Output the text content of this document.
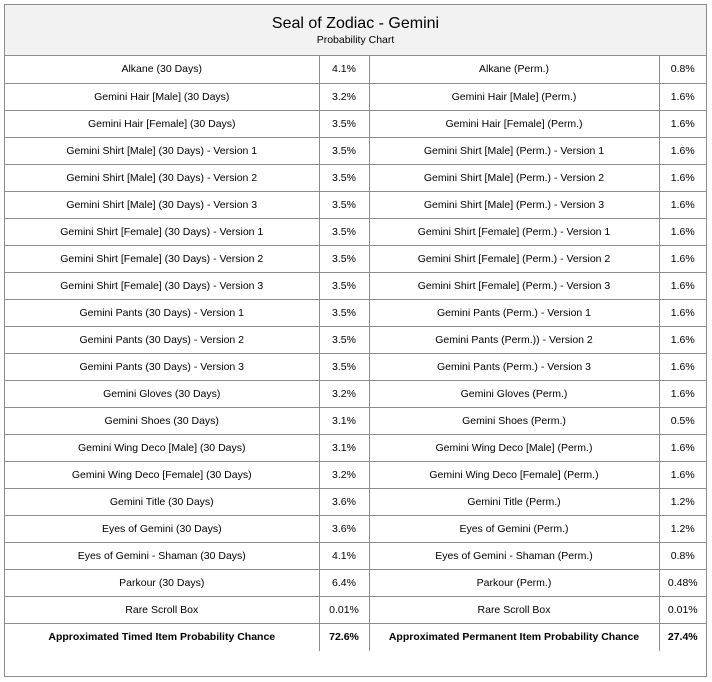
Seal of Zodiac - Gemini
Probability Chart
Alkane (30 Days)	4.1%	Alkane (Perm.)	0.8%
Gemini Hair [Male] (30 Days)	3.2%	Gemini Hair [Male] (Perm.)	1.6%
Gemini Hair [Female] (30 Days)	3.5%	Gemini Hair [Female] (Perm.)	1.6%
Gemini Shirt [Male] (30 Days) - Version 1	3.5%	Gemini Shirt [Male] (Perm.) - Version 1	1.6%
Gemini Shirt [Male] (30 Days) - Version 2	3.5%	Gemini Shirt [Male] (Perm.) - Version 2	1.6%
Gemini Shirt [Male] (30 Days) - Version 3	3.5%	Gemini Shirt [Male] (Perm.) - Version 3	1.6%
Gemini Shirt [Female] (30 Days) - Version 1	3.5%	Gemini Shirt [Female] (Perm.) - Version 1	1.6%
Gemini Shirt [Female] (30 Days) - Version 2	3.5%	Gemini Shirt [Female] (Perm.) - Version 2	1.6%
Gemini Shirt [Female] (30 Days) - Version 3	3.5%	Gemini Shirt [Female] (Perm.) - Version 3	1.6%
Gemini Pants (30 Days) - Version 1	3.5%	Gemini Pants (Perm.) - Version 1	1.6%
Gemini Pants (30 Days) - Version 2	3.5%	Gemini Pants (Perm.)) - Version 2	1.6%
Gemini Pants (30 Days) - Version 3	3.5%	Gemini Pants (Perm.) - Version 3	1.6%
Gemini Gloves (30 Days)	3.2%	Gemini Gloves (Perm.)	1.6%
Gemini Shoes (30 Days)	3.1%	Gemini Shoes (Perm.)	0.5%
Gemini Wing Deco [Male] (30 Days)	3.1%	Gemini Wing Deco [Male] (Perm.)	1.6%
Gemini Wing Deco [Female] (30 Days)	3.2%	Gemini Wing Deco [Female] (Perm.)	1.6%
Gemini Title (30 Days)	3.6%	Gemini Title (Perm.)	1.2%
Eyes of Gemini (30 Days)	3.6%	Eyes of Gemini (Perm.)	1.2%
Eyes of Gemini - Shaman (30 Days)	4.1%	Eyes of Gemini - Shaman (Perm.)	0.8%
Parkour (30 Days)	6.4%	Parkour (Perm.)	0.48%
Rare Scroll Box	0.01%	Rare Scroll Box	0.01%
Approximated Timed Item Probability Chance	72.6%	Approximated Permanent Item Probability Chance	27.4%
